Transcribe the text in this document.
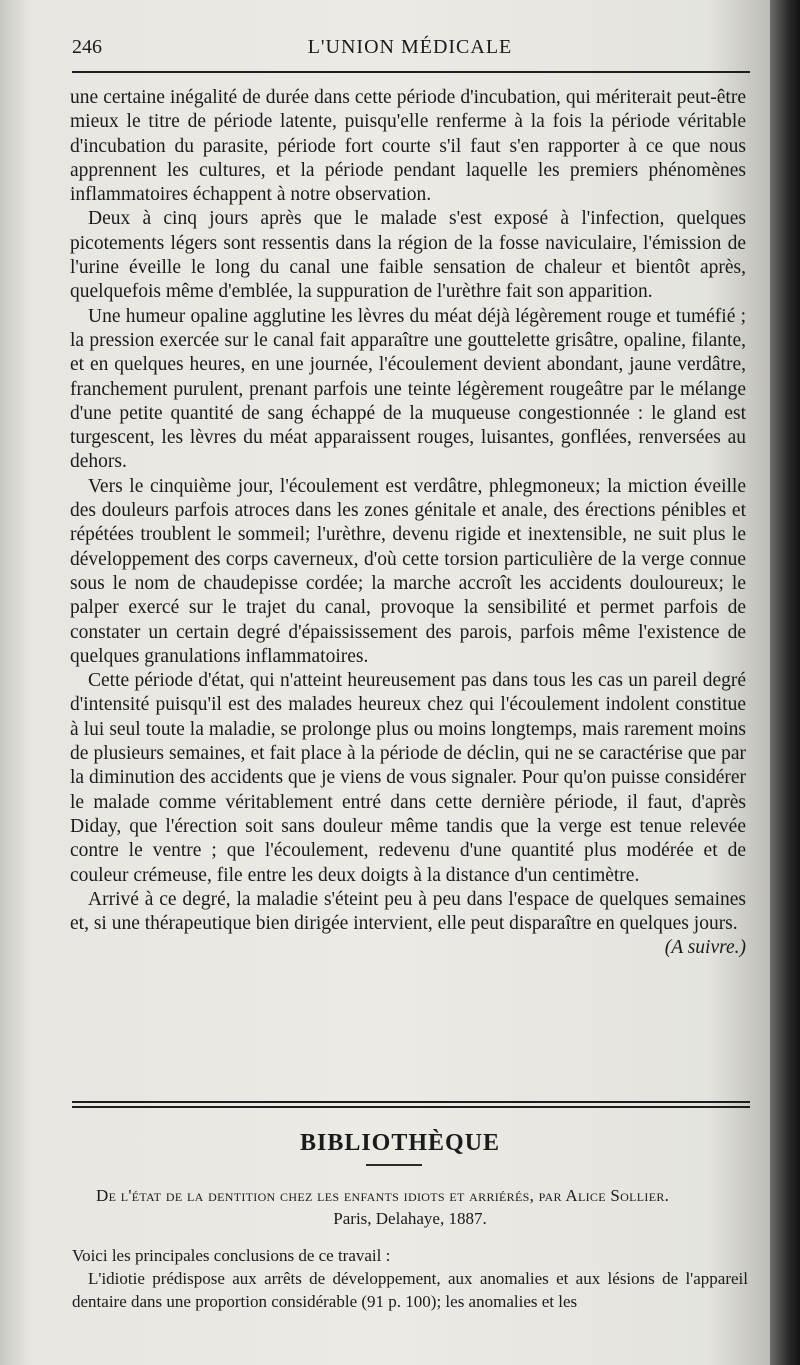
246	L'UNION MÉDICALE

une certaine inégalité de durée dans cette période d'incubation, qui mériterait peut-être mieux le titre de période latente, puisqu'elle renferme à la fois la période véritable d'incubation du parasite, période fort courte s'il faut s'en rapporter à ce que nous apprennent les cultures, et la période pendant laquelle les premiers phénomènes inflammatoires échappent à notre observation.

Deux à cinq jours après que le malade s'est exposé à l'infection, quelques picotements légers sont ressentis dans la région de la fosse naviculaire, l'émission de l'urine éveille le long du canal une faible sensation de chaleur et bientôt après, quelquefois même d'emblée, la suppuration de l'urèthre fait son apparition.

Une humeur opaline agglutine les lèvres du méat déjà légèrement rouge et tuméfié ; la pression exercée sur le canal fait apparaître une gouttelette grisâtre, opaline, filante, et en quelques heures, en une journée, l'écoulement devient abondant, jaune verdâtre, franchement purulent, prenant parfois une teinte légèrement rougeâtre par le mélange d'une petite quantité de sang échappé de la muqueuse congestionnée : le gland est turgescent, les lèvres du méat apparaissent rouges, luisantes, gonflées, renversées au dehors.

Vers le cinquième jour, l'écoulement est verdâtre, phlegmoneux; la miction éveille des douleurs parfois atroces dans les zones génitale et anale, des érections pénibles et répétées troublent le sommeil; l'urèthre, devenu rigide et inextensible, ne suit plus le développement des corps caverneux, d'où cette torsion particulière de la verge connue sous le nom de chaudepisse cordée; la marche accroît les accidents douloureux; le palper exercé sur le trajet du canal, provoque la sensibilité et permet parfois de constater un certain degré d'épaississement des parois, parfois même l'existence de quelques granulations inflammatoires.

Cette période d'état, qui n'atteint heureusement pas dans tous les cas un pareil degré d'intensité puisqu'il est des malades heureux chez qui l'écoulement indolent constitue à lui seul toute la maladie, se prolonge plus ou moins longtemps, mais rarement moins de plusieurs semaines, et fait place à la période de déclin, qui ne se caractérise que par la diminution des accidents que je viens de vous signaler. Pour qu'on puisse considérer le malade comme véritablement entré dans cette dernière période, il faut, d'après Diday, que l'érection soit sans douleur même tandis que la verge est tenue relevée contre le ventre ; que l'écoulement, redevenu d'une quantité plus modérée et de couleur crémeuse, file entre les deux doigts à la distance d'un centimètre.

Arrivé à ce degré, la maladie s'éteint peu à peu dans l'espace de quelques semaines et, si une thérapeutique bien dirigée intervient, elle peut disparaître en quelques jours.
(A suivre.)

BIBLIOTHÈQUE

De l'état de la dentition chez les enfants idiots et arriérés, par Alice Sollier.

Paris, Delahaye, 1887.

Voici les principales conclusions de ce travail :

L'idiotie prédispose aux arrêts de développement, aux anomalies et aux lésions de l'appareil dentaire dans une proportion considérable (91 p. 100); les anomalies et les
